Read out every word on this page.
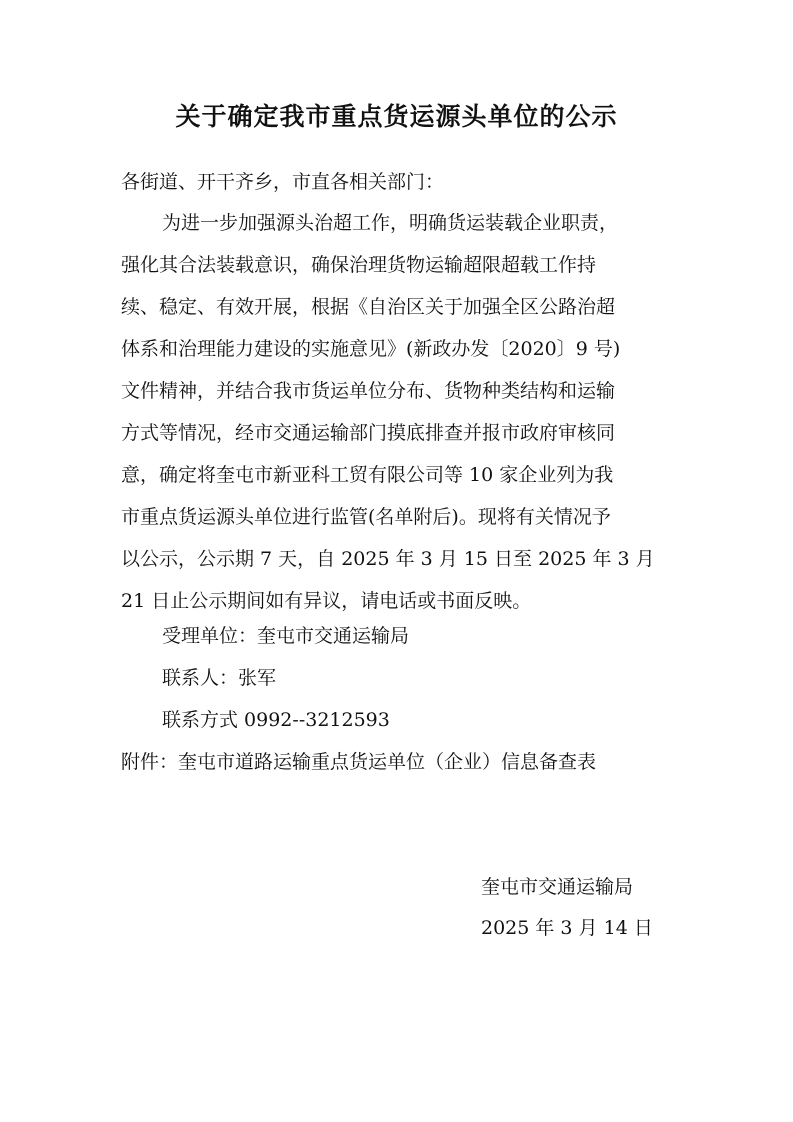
关于确定我市重点货运源头单位的公示
各街道、开干齐乡，市直各相关部门：
为进一步加强源头治超工作，明确货运装载企业职责，
强化其合法装载意识，确保治理货物运输超限超载工作持
续、稳定、有效开展，根据《自治区关于加强全区公路治超
体系和治理能力建设的实施意见》(新政办发〔2020〕9 号)
文件精神，并结合我市货运单位分布、货物种类结构和运输
方式等情况，经市交通运输部门摸底排查并报市政府审核同
意，确定将奎屯市新亚科工贸有限公司等 10 家企业列为我
市重点货运源头单位进行监管(名单附后)。现将有关情况予
以公示，公示期 7 天，自 2025 年 3 月 15 日至 2025 年 3 月
21 日止公示期间如有异议，请电话或书面反映。
受理单位：奎屯市交通运输局
联系人：张军
联系方式 0992--3212593
附件：奎屯市道路运输重点货运单位（企业）信息备查表
奎屯市交通运输局
2025 年 3 月 14 日
